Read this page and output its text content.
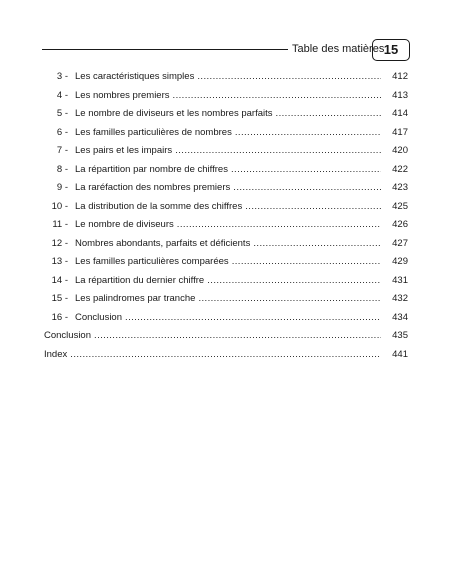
Table des matières 15
3 - Les caractéristiques simples .....	412
4 - Les nombres premiers .....	413
5 - Le nombre de diviseurs et les nombres parfaits .....	414
6 - Les familles particulières de nombres .....	417
7 - Les pairs et les impairs .....	420
8 - La répartition par nombre de chiffres .....	422
9 - La raréfaction des nombres premiers .....	423
10 - La distribution de la somme des chiffres .....	425
11 - Le nombre de diviseurs .....	426
12 - Nombres abondants, parfaits et déficients .....	427
13 - Les familles particulières comparées .....	429
14 - La répartition du dernier chiffre .....	431
15 - Les palindromes par tranche .....	432
16 - Conclusion .....	434
Conclusion .....	435
Index .....	441
